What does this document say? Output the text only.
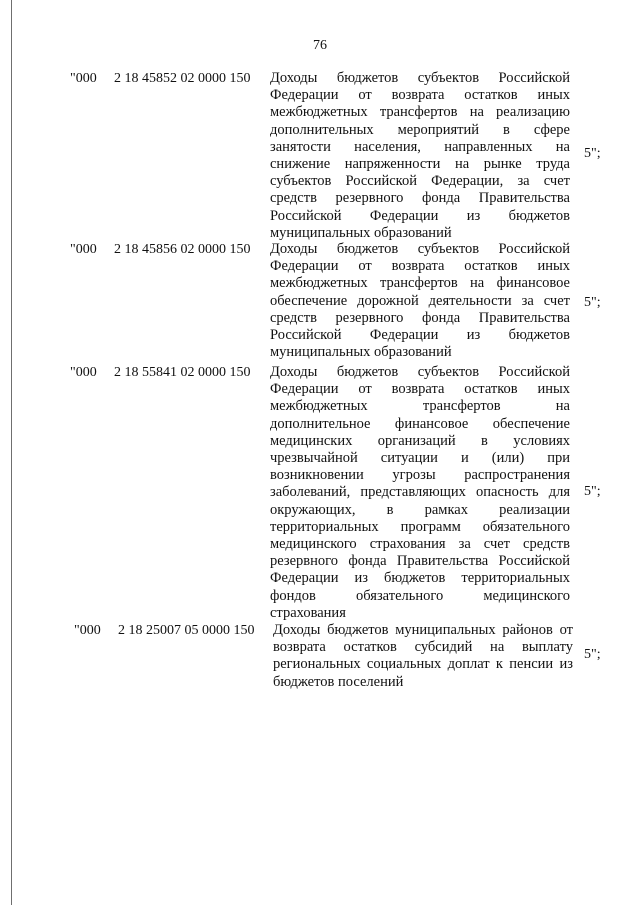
76
"000 2 18 45852 02 0000 150 Доходы бюджетов субъектов Российской Федерации от возврата остатков иных межбюджетных трансфертов на реализацию дополнительных мероприятий в сфере занятости населения, направленных на снижение напряженности на рынке труда субъектов Российской Федерации, за счет средств резервного фонда Правительства Российской Федерации из бюджетов муниципальных образований
5";
"000 2 18 45856 02 0000 150 Доходы бюджетов субъектов Российской Федерации от возврата остатков иных межбюджетных трансфертов на финансовое обеспечение дорожной деятельности за счет средств резервного фонда Правительства Российской Федерации из бюджетов муниципальных образований
5";
"000 2 18 55841 02 0000 150 Доходы бюджетов субъектов Российской Федерации от возврата остатков иных межбюджетных трансфертов на дополнительное финансовое обеспечение медицинских организаций в условиях чрезвычайной ситуации и (или) при возникновении угрозы распространения заболеваний, представляющих опасность для окружающих, в рамках реализации территориальных программ обязательного медицинского страхования за счет средств резервного фонда Правительства Российской Федерации из бюджетов территориальных фондов обязательного медицинского страхования
5";
"000 2 18 25007 05 0000 150 Доходы бюджетов муниципальных районов от возврата остатков субсидий на выплату региональных социальных доплат к пенсии из бюджетов поселений
5";
